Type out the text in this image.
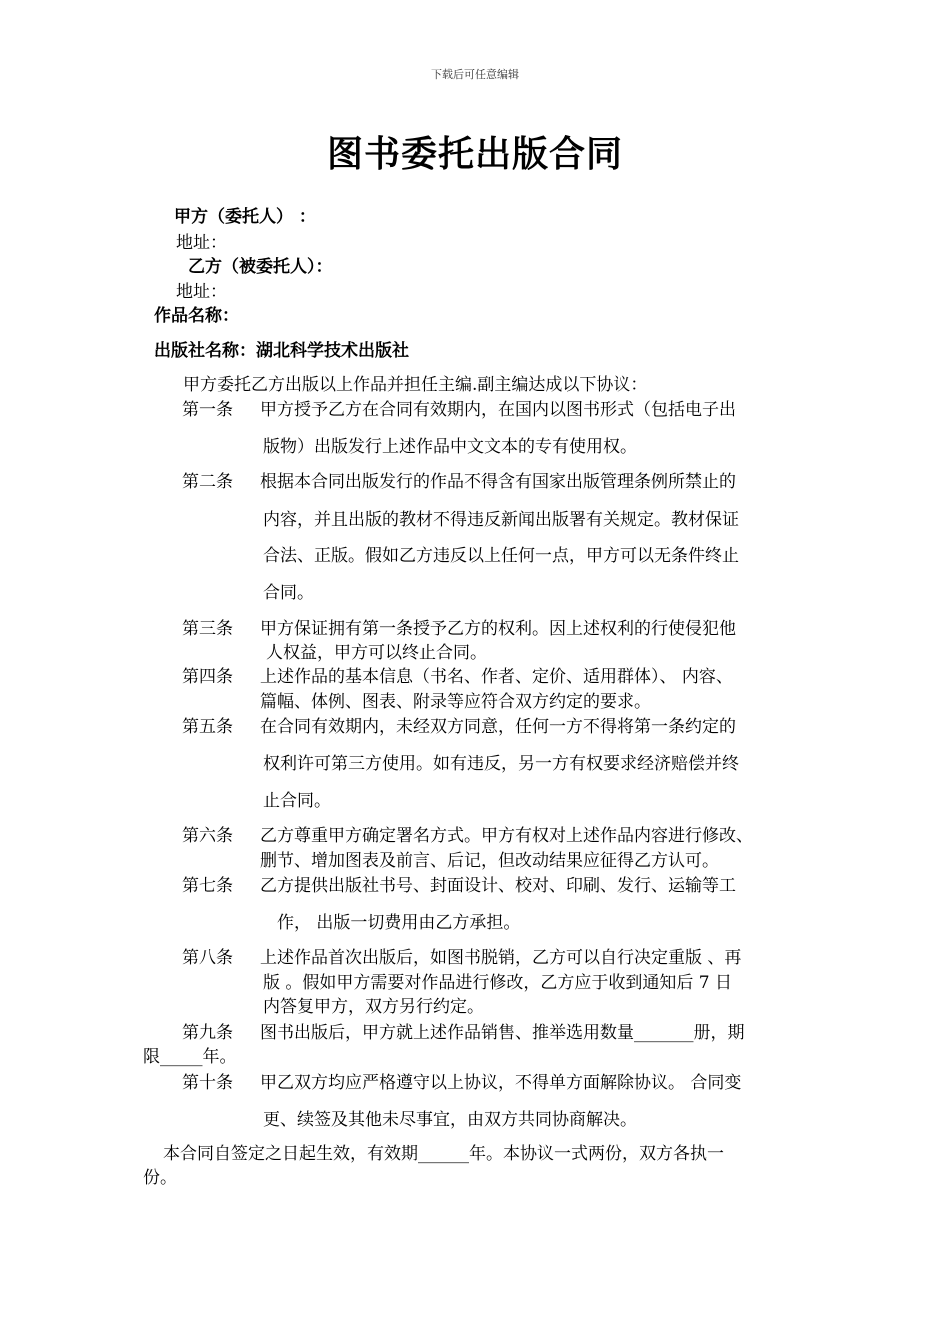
下载后可任意编辑
图书委托出版合同
甲方（委托人） ：
地址：
乙方（被委托人）：
地址：
作品名称：
出版社名称：湖北科学技术出版社
甲方委托乙方出版以上作品并担任主编.副主编达成以下协议：
第一条 甲方授予乙方在合同有效期内，在国内以图书形式（包括电子出
版物）出版发行上述作品中文文本的专有使用权。
第二条 根据本合同出版发行的作品不得含有国家出版管理条例所禁止的
内容，并且出版的教材不得违反新闻出版署有关规定。教材保证
合法、正版。假如乙方违反以上任何一点，甲方可以无条件终止
合同。
第三条 甲方保证拥有第一条授予乙方的权利。因上述权利的行使侵犯他
人权益，甲方可以终止合同。
第四条 上述作品的基本信息（书名、作者、定价、适用群体）、 内容、
篇幅、体例、图表、附录等应符合双方约定的要求。
第五条 在合同有效期内，未经双方同意，任何一方不得将第一条约定的
权利许可第三方使用。如有违反，另一方有权要求经济赔偿并终
止合同。
第六条 乙方尊重甲方确定署名方式。甲方有权对上述作品内容进行修改、
删节、增加图表及前言、后记，但改动结果应征得乙方认可。
第七条 乙方提供出版社书号、封面设计、校对、印刷、发行、运输等工
作， 出版一切费用由乙方承担。
第八条 上述作品首次出版后，如图书脱销，乙方可以自行决定重版 、再
版 。假如甲方需要对作品进行修改，乙方应于收到通知后 7 日
内答复甲方，双方另行约定。
第九条 图书出版后，甲方就上述作品销售、推举选用数量_______册，期
限_____年。
第十条 甲乙双方均应严格遵守以上协议，不得单方面解除协议。 合同变
更、续签及其他未尽事宜，由双方共同协商解决。
本合同自签定之日起生效，有效期______年。本协议一式两份，双方各执一
份。
